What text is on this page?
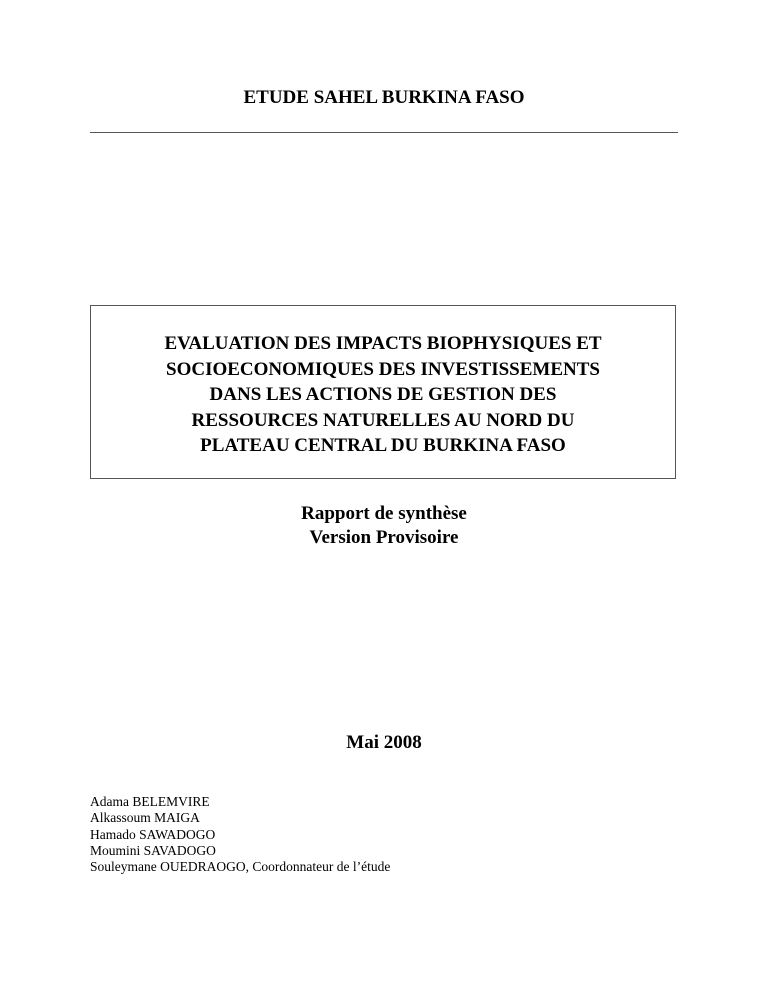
ETUDE SAHEL BURKINA FASO
EVALUATION DES IMPACTS BIOPHYSIQUES ET
SOCIOECONOMIQUES DES INVESTISSEMENTS
DANS LES ACTIONS DE GESTION DES
RESSOURCES NATURELLES AU NORD DU
PLATEAU CENTRAL DU BURKINA FASO
Rapport de synthèse
Version Provisoire
Mai 2008
Adama BELEMVIRE
Alkassoum MAIGA
Hamado SAWADOGO
Moumini SAVADOGO
Souleymane OUEDRAOGO, Coordonnateur de l’étude
